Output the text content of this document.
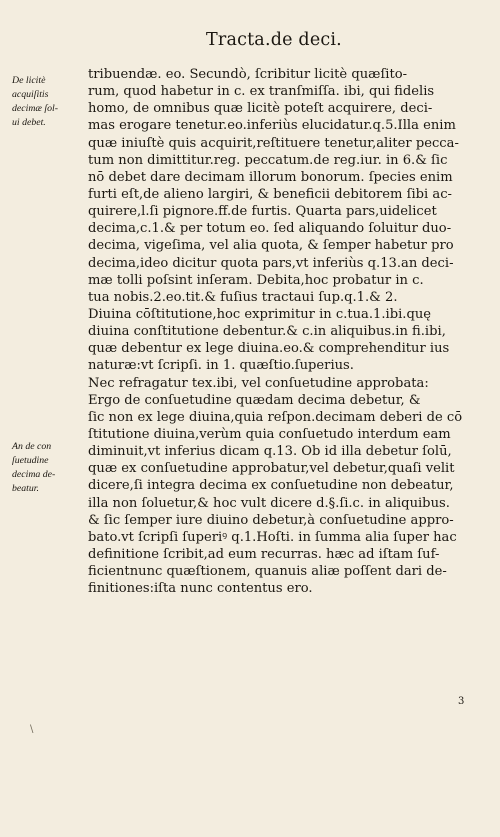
Tracta.de deci.
De licitè
acquiſitis
decimæ ſol-
ui debet.
An de con
ſuetudine
decima de-
beatur.
tribuendæ. eo. Secundò, ſcribitur licitè quæſito-
rum, quod habetur in c. ex tranſmiſſa. ibi, qui fidelis
homo, de omnibus quæ licitè poteſt acquirere, deci-
mas erogare tenetur.eo.inferiùs elucidatur.q.5.Illa enim
quæ iniuſtè quis acquirit,reſtituere tenetur,aliter pecca-
tum non dimittitur.reg. peccatum.de reg.iur. in 6.& ſic
nō debet dare decimam illorum bonorum. ſpecies enim
furti eſt,de alieno largiri, & beneficii debitorem ſibi ac-
quirere,l.ſi pignore.ff.de furtis. Quarta pars,uidelicet
decima,c.1.& per totum eo. ſed aliquando ſoluitur duo-
decima, vigeſima, vel alia quota, & ſemper habetur pro
decima,ideo dicitur quota pars,vt inferiùs q.13.an deci-
mæ tolli poſsint inſeram. Debita,hoc probatur in c.
tua nobis.2.eo.tit.& fuſius tractaui ſup.q.1.& 2.
Diuina cōſtitutione,hoc exprimitur in c.tua.1.ibi.quę
diuina conſtitutione debentur.& c.in aliquibus.in fi.ibi,
quæ debentur ex lege diuina.eo.& comprehenditur ius
naturæ:vt ſcripſi. in 1. quæſtio.ſuperius.
Nec refragatur tex.ibi, vel conſuetudine approbata:
Ergo de conſuetudine quædam decima debetur, &
ſic non ex lege diuina,quia reſpon.decimam deberi de cō
ſtitutione diuina,verùm quia conſuetudo interdum eam
diminuit,vt inferius dicam q.13. Ob id illa debetur ſolū,
quæ ex conſuetudine approbatur,vel debetur,quaſi velit
dicere,ſi integra decima ex conſuetudine non debeatur,
illa non ſoluetur,& hoc vult dicere d.§.ſi.c. in aliquibus.
& ſic ſemper iure diuino debetur,à conſuetudine appro-
bato.vt ſcripſi ſuperiꝰ q.1.Hoſti. in ſumma alia ſuper hac
definitione ſcribit,ad eum recurras. hæc ad iſtam ſuf-
ficientnunc quæſtionem, quanuis aliæ poſſent dari de-
finitiones:iſta nunc contentus ero.
3
\
